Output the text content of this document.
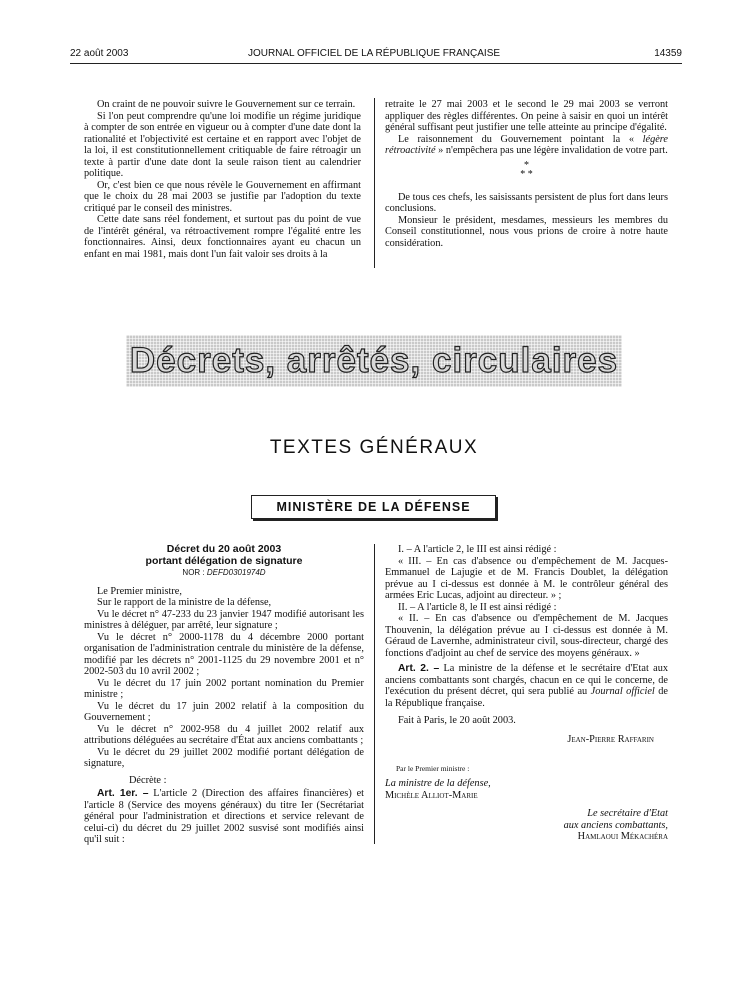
22 août 2003	JOURNAL OFFICIEL DE LA RÉPUBLIQUE FRANÇAISE	14359

On craint de ne pouvoir suivre le Gouvernement sur ce terrain.

Si l'on peut comprendre qu'une loi modifie un régime juridique à compter de son entrée en vigueur ou à compter d'une date dont la rationalité et l'objectivité est certaine et en rapport avec l'objet de la loi, il est constitutionnellement critiquable de faire rétroagir un texte à partir d'une date dont la seule raison tient au calendrier politique.

Or, c'est bien ce que nous révèle le Gouvernement en affirmant que le choix du 28 mai 2003 se justifie par l'adoption du texte critiqué par le conseil des ministres.

Cette date sans réel fondement, et surtout pas du point de vue de l'intérêt général, va rétroactivement rompre l'égalité entre les fonctionnaires. Ainsi, deux fonctionnaires ayant eu chacun un enfant en mai 1981, mais dont l'un fait valoir ses droits à la

retraite le 27 mai 2003 et le second le 29 mai 2003 se verront appliquer des règles différentes. On peine à saisir en quoi un intérêt général suffisant peut justifier une telle atteinte au principe d'égalité.

Le raisonnement du Gouvernement pointant la « légère rétroactivité » n'empêchera pas une légère invalidation de votre part.

*
* *

De tous ces chefs, les saisissants persistent de plus fort dans leurs conclusions.

Monsieur le président, mesdames, messieurs les membres du Conseil constitutionnel, nous vous prions de croire à notre haute considération.

Décrets, arrêtés, circulaires
TEXTES GÉNÉRAUX
MINISTÈRE DE LA DÉFENSE
Décret du 20 août 2003
portant délégation de signature
NOR : DEFD0301974D

Le Premier ministre,

Sur le rapport de la ministre de la défense,

Vu le décret n° 47-233 du 23 janvier 1947 modifié autorisant les ministres à déléguer, par arrêté, leur signature ;

Vu le décret n° 2000-1178 du 4 décembre 2000 portant organisation de l'administration centrale du ministère de la défense, modifié par les décrets n° 2001-1125 du 29 novembre 2001 et n° 2002-503 du 10 avril 2002 ;

Vu le décret du 17 juin 2002 portant nomination du Premier ministre ;

Vu le décret du 17 juin 2002 relatif à la composition du Gouvernement ;

Vu le décret n° 2002-958 du 4 juillet 2002 relatif aux attributions déléguées au secrétaire d'État aux anciens combattants ;

Vu le décret du 29 juillet 2002 modifié portant délégation de signature,

Décrète :

Art. 1er. – L'article 2 (Direction des affaires financières) et l'article 8 (Service des moyens généraux) du titre Ier (Secrétariat général pour l'administration et directions et service relevant de celui-ci) du décret du 29 juillet 2002 susvisé sont modifiés ainsi qu'il suit :

I. – A l'article 2, le III est ainsi rédigé :

« III. – En cas d'absence ou d'empêchement de M. Jacques-Emmanuel de Lajugie et de M. Francis Doublet, la délégation prévue au I ci-dessus est donnée à M. le contrôleur général des armées Eric Lucas, adjoint au directeur. » ;

II. – A l'article 8, le II est ainsi rédigé :

« II. – En cas d'absence ou d'empêchement de M. Jacques Thouvenin, la délégation prévue au I ci-dessus est donnée à M. Géraud de Lavernhe, administrateur civil, sous-directeur, chargé des fonctions d'adjoint au chef de service des moyens généraux. »

Art. 2. – La ministre de la défense et le secrétaire d'Etat aux anciens combattants sont chargés, chacun en ce qui le concerne, de l'exécution du présent décret, qui sera publié au Journal officiel de la République française.

Fait à Paris, le 20 août 2003.

Jean-Pierre Raffarin
Par le Premier ministre :
La ministre de la défense,
Michèle Alliot-Marie
Le secrétaire d'Etat
aux anciens combattants,
Hamlaoui Mékachéra
